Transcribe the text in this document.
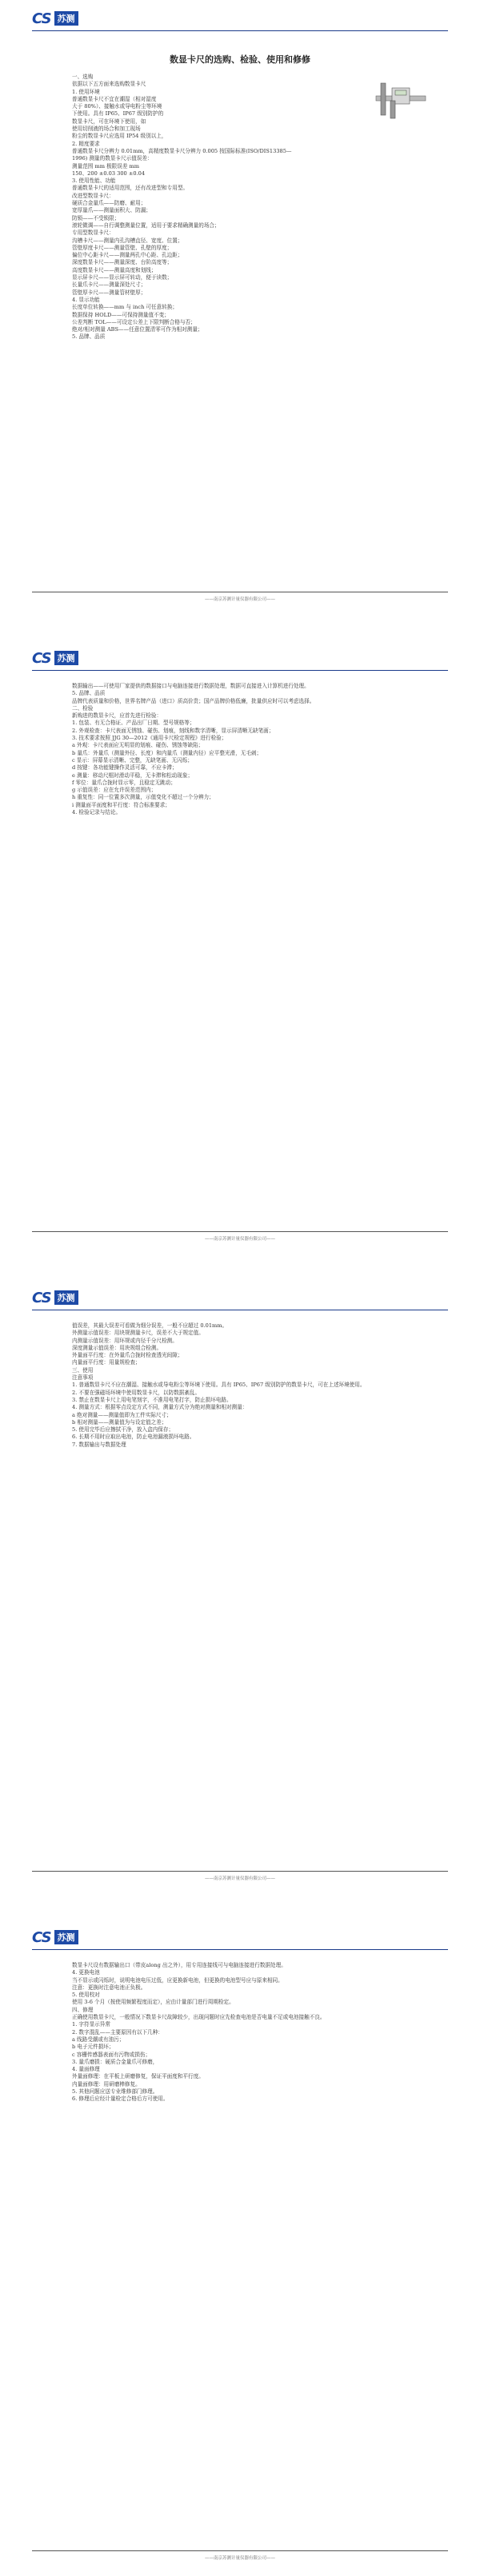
CS 苏测
数显卡尺的选购、检验、使用和修修

一、选购

依据以下五方面来选购数显卡尺

1. 使用环境

普通数显卡尺不宜在潮湿（相对湿度

大于 80%）、接触水或导电粉尘等环境

下使用。具有 IP65、IP67 级别防护的

数显卡尺，可在环境下使用，如

使用切削液的场合和加工现场

粉尘的数显卡尺应选用 IP54 级别以上，

2. 精度要求

普通数显卡尺分辨力 0.01mm，高精度数显卡尺分辨力 0.005 按国际标准(ISO/DIS13385—

1996) 测量的数显卡尺示值误差：

测量范围 mm 极限误差 mm

150、200 ±0.03 300 ±0.04

3. 使用性能、功能

普通数显卡尺的适用范围，还有改进型和专用型。

改进型数显卡尺：

硬质合金量爪——防磨、耐用；

宽厚量爪——测量面积大、防漏；

防锁——不受锁限；

滚轮微调——自行调整测量位置，适用于要求精确测量的场合；

专用型数显卡尺：

沟槽卡尺——测量内孔沟槽直径、宽度、位置；

管壁厚度卡尺——测量管壁、孔壁的厚度；

偏位中心距卡尺——测量两孔中心距、孔边距；

深度数显卡尺——测量深度、台阶高度等；

高度数显卡尺——测量高度和划线；

显示屏卡尺——显示屏可转动，便于读数；

长量爪卡尺——测量深处尺寸；

管壁厚卡尺——测量管材壁厚；

4. 显示功能

长度单位转换——mm 与 inch 可任意转换；

数据保持 HOLD——可保持测量值不变；

公差判断 TOL——可设定公差上下限判断合格与否；

绝对/相对测量 ABS——任意位置清零可作为相对测量；

5. 品牌、品质

——南京苏测计量仪器有限公司——
CS 苏测

数据输出——可使用厂家提供的数据接口与电脑连接进行数据处理，数据可直接进入计算机进行处理。

5. 品牌、品质

品牌代表质量和价格，世界名牌产品（进口）质高价贵；国产品牌价格低廉，批量供应时可以考虑选择。

二、检验

新购进的数显卡尺，应首先进行检验：

1. 包装、有无合格证、产品出厂日期、型号规格等；

2. 外观检查：卡尺表面无锈蚀、碰伤、划痕，刻线和数字清晰，显示屏清晰无缺笔画；

3. 技术要求按照 JJG 30—2012《通用卡尺检定规程》进行检验；

a 外观：卡尺表面应无明显的划痕、碰伤、锈蚀等缺陷；

b 量爪：外量爪（测量外径、长度）和内量爪（测量内径）应平整光滑，无毛刺；

c 显示：屏幕显示清晰、完整，无缺笔画、无闪烁；

d 按键：各功能键操作灵活可靠，不应卡滞；

e 测量：移动尺框时滑动平稳，无卡滞和松动现象；

f 零位：量爪合拢时显示零，且稳定无跳动；

g 示值误差：应在允许误差范围内；

h 重复性：同一位置多次测量，示值变化不超过一个分辨力；

i 测量面平面度和平行度：符合标准要求；

4. 检验记录与结论。

——南京苏测计量仪器有限公司——
CS 苏测

值误差，其最大误差可看做为细分误差，一般不应超过 0.01mm。

外测量示值误差：用块规测量卡尺，误差不大于规定值。

内测量示值误差：用环规或内径千分尺检测。

深度测量示值误差：用块规组合检测。

外量面平行度：在外量爪合拢时检查透光间隙；

内量面平行度：用量规检查；

三、使用

注意事项

1. 普通数显卡尺不应在潮湿、接触水或导电粉尘等环境下使用。具有 IP65、IP67 级别防护的数显卡尺，可在上述环境使用。

2. 不要在强磁场环境中使用数显卡尺，以防数据紊乱。

3. 禁止在数显卡尺上用电笔刻字，不准用电笔打字，防止损坏电路。

4. 测量方式：根据零点设定方式不同，测量方式分为绝对测量和相对测量：

a 绝对测量——测量值即为工件实际尺寸；

b 相对测量——测量值为与设定值之差；

5. 使用完毕后应擦拭干净，放入盒内保存；

6. 长期不用时应取出电池，防止电池漏液损坏电路。

7. 数据输出与数据处理

——南京苏测计量仪器有限公司——
CS 苏测

数显卡尺设有数据输出口（带皮along 出之外），用专用连接线可与电脑连接进行数据处理。

4. 更换电池

当不显示或闪烁时，说明电池电压过低，应更换新电池，但更换的电池型号应与原来相同。

注意：更换时注意电池正负极。

5. 使用校对

使用 3-6 个月（按使用频繁程度而定），应由计量部门进行周期检定。

四、修理

正确使用数显卡尺，一般情况下数显卡尺故障较少，出现问题时应先检查电池是否电量不足或电池接触不良。

1. 字符显示异常

2. 数字混乱——主要原因有以下几种：

a 线路受潮或有油污；

b 电子元件损坏；

c 容栅传感器表面有污物或损伤；

3. 量爪磨损：硬质合金量爪可修磨，

4. 量面修理

外量面修理：在平板上研磨修复，保证平面度和平行度。

内量面修理：用研磨棒修复。

5. 其他问题应送专业维修部门修理。

6. 修理后应经计量检定合格后方可使用。

——南京苏测计量仪器有限公司——
